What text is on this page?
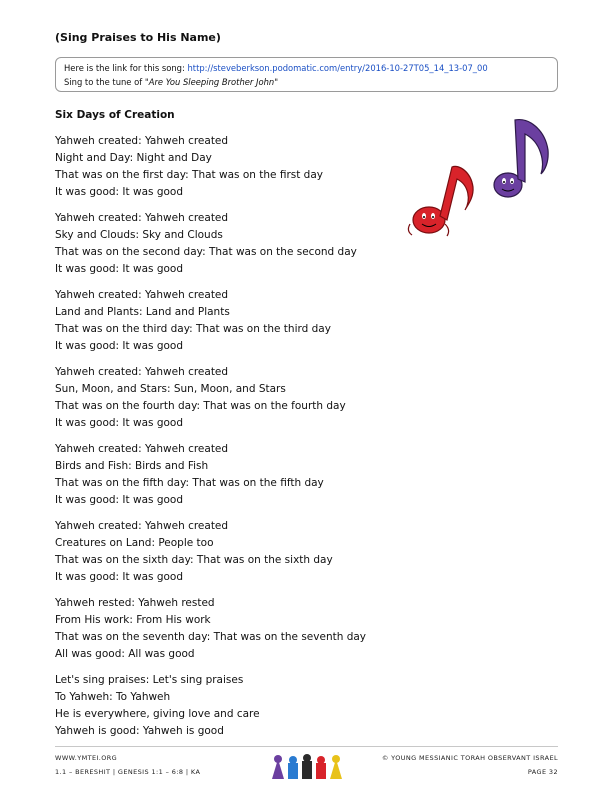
(Sing Praises to His Name)
Here is the link for this song: http://steveberkson.podomatic.com/entry/2016-10-27T05_14_13-07_00
Sing to the tune of "Are You Sleeping Brother John"
Six Days of Creation
Yahweh created: Yahweh created
Night and Day: Night and Day
That was on the first day: That was on the first day
It was good: It was good
Yahweh created: Yahweh created
Sky and Clouds: Sky and Clouds
That was on the second day: That was on the second day
It was good: It was good
Yahweh created: Yahweh created
Land and Plants: Land and Plants
That was on the third day: That was on the third day
It was good: It was good
Yahweh created: Yahweh created
Sun, Moon, and Stars: Sun, Moon, and Stars
That was on the fourth day: That was on the fourth day
It was good: It was good
Yahweh created: Yahweh created
Birds and Fish: Birds and Fish
That was on the fifth day: That was on the fifth day
It was good: It was good
Yahweh created: Yahweh created
Creatures on Land: People too
That was on the sixth day: That was on the sixth day
It was good: It was good
Yahweh rested: Yahweh rested
From His work: From His work
That was on the seventh day: That was on the seventh day
All was good: All was good
Let's sing praises: Let's sing praises
To Yahweh: To Yahweh
He is everywhere, giving love and care
Yahweh is good: Yahweh is good
WWW.YMTEI.ORG
1.1 – BERESHIT | GENESIS 1:1 – 6:8 | KA
© YOUNG MESSIANIC TORAH OBSERVANT ISRAEL
PAGE 32
